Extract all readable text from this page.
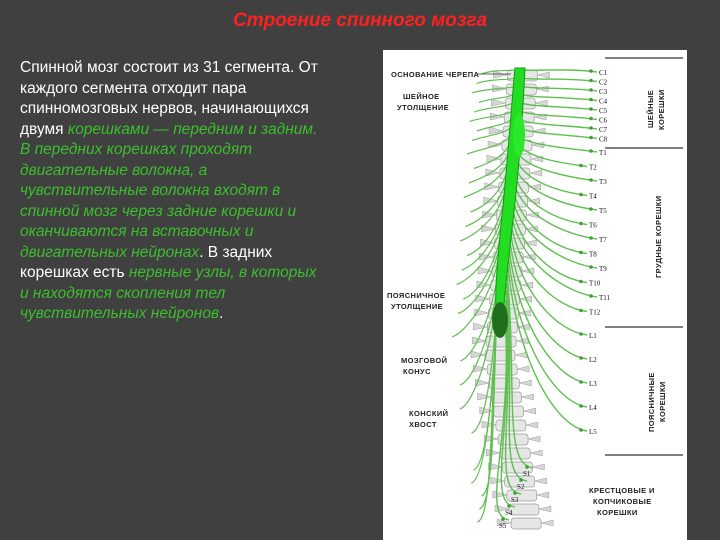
Строение спинного мозга
Спинной мозг состоит из 31 сегмента. От каждого сегмента отходит пара спинномозговых нервов, начинающихся двумя корешками — передним и задним. В передних корешках проходят двигательные волокна, а чувствительные волокна входят в спинной мозг через задние корешки и оканчиваются на вставочных и двигательных нейронах. В задних корешках есть нервные узлы, в которых и находятся скопления тел чувствительных нейронов.
ОСНОВАНИЕ ЧЕРЕПА
ШЕЙНОЕ
УТОЛЩЕНИЕ
ПОЯСНИЧНОЕ
УТОЛЩЕНИЕ
МОЗГОВОЙ
КОНУС
КОНСКИЙ
ХВОСТ
КРЕСТЦОВЫЕ И
КОПЧИКОВЫЕ
КОРЕШКИ
ШЕЙНЫЕ КОРЕШКИ
ГРУДНЫЕ КОРЕШКИ
ПОЯСНИЧНЫЕ КОРЕШКИ
C1
C2
C3
C4
C5
C6
C7
C8
T1
T2
T3
T4
T5
T6
T7
T8
T9
T10
T11
T12
L1
L2
L3
L4
L5
S1
S2
S3
S4
S5
